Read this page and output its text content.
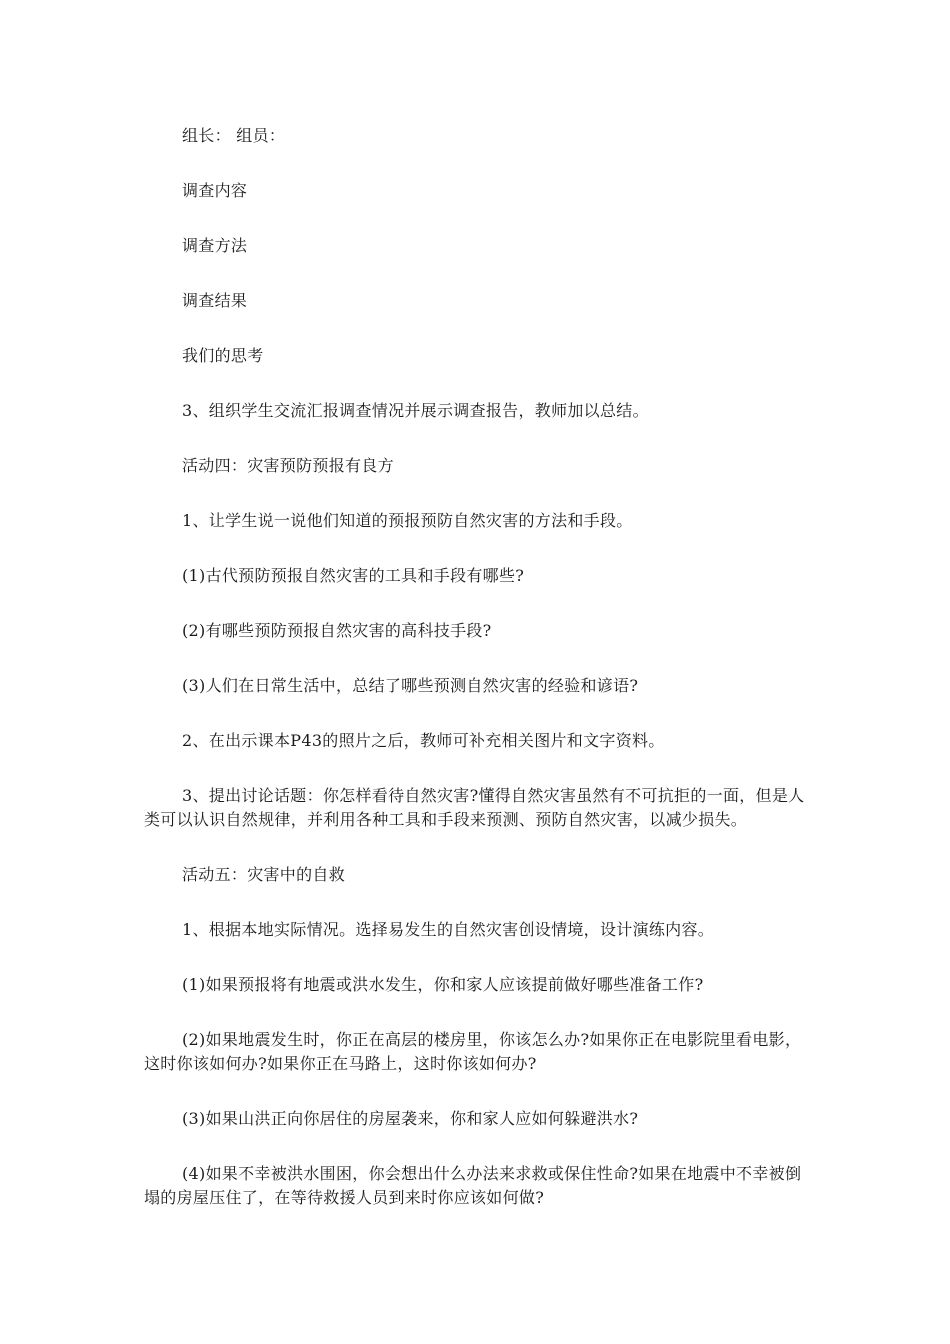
组长： 组员：

调查内容

调查方法

调查结果

我们的思考

3、组织学生交流汇报调查情况并展示调查报告，教师加以总结。

活动四：灾害预防预报有良方

1、让学生说一说他们知道的预报预防自然灾害的方法和手段。

(1)古代预防预报自然灾害的工具和手段有哪些?

(2)有哪些预防预报自然灾害的高科技手段?

(3)人们在日常生活中，总结了哪些预测自然灾害的经验和谚语?

2、在出示课本P43的照片之后，教师可补充相关图片和文字资料。

3、提出讨论话题：你怎样看待自然灾害?懂得自然灾害虽然有不可抗拒的一面，但是人类可以认识自然规律，并利用各种工具和手段来预测、预防自然灾害，以减少损失。

活动五：灾害中的自救

1、根据本地实际情况。选择易发生的自然灾害创设情境，设计演练内容。

(1)如果预报将有地震或洪水发生，你和家人应该提前做好哪些准备工作?

(2)如果地震发生时，你正在高层的楼房里，你该怎么办?如果你正在电影院里看电影，这时你该如何办?如果你正在马路上，这时你该如何办?

(3)如果山洪正向你居住的房屋袭来，你和家人应如何躲避洪水?

(4)如果不幸被洪水围困，你会想出什么办法来求救或保住性命?如果在地震中不幸被倒塌的房屋压住了，在等待救援人员到来时你应该如何做?
